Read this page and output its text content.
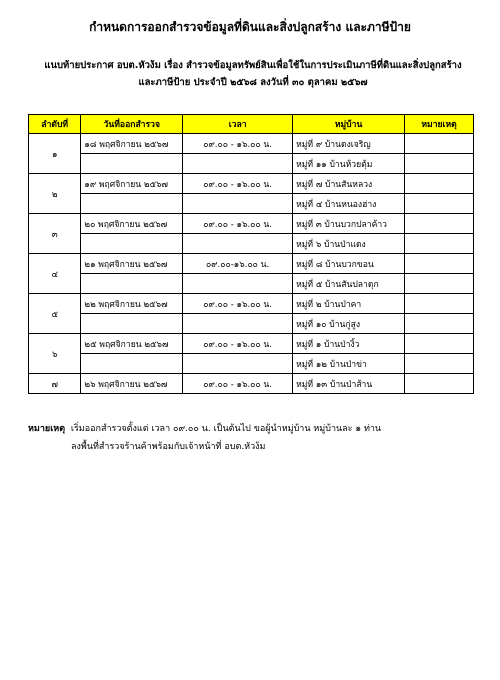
กำหนดการออกสำรวจข้อมูลที่ดินและสิ่งปลูกสร้าง และภาษีป้าย
แนบท้ายประกาศ อบต.หัวง้ม เรื่อง สำรวจข้อมูลทรัพย์สินเพื่อใช้ในการประเมินภาษีที่ดินและสิ่งปลูกสร้าง
และภาษีป้าย ประจำปี ๒๕๖๘ ลงวันที่ ๓๐ ตุลาคม ๒๕๖๗
ลำดับที่	วันที่ออกสำรวจ	เวลา	หมู่บ้าน	หมายเหตุ
๑	๑๘ พฤศจิกายน ๒๕๖๗	๐๙.๐๐ - ๑๖.๐๐ น.	หมู่ที่ ๙ บ้านดงเจริญ	
			หมู่ที่ ๑๑ บ้านห้วยตุ้ม	
๒	๑๙ พฤศจิกายน ๒๕๖๗	๐๙.๐๐ - ๑๖.๐๐ น.	หมู่ที่ ๗ บ้านสันหลวง	
			หมู่ที่ ๔ บ้านหนองฮ่าง	
๓	๒๐ พฤศจิกายน ๒๕๖๗	๐๙.๐๐ - ๑๖.๐๐ น.	หมู่ที่ ๓ บ้านบวกปลาค้าว	
			หมู่ที่ ๖ บ้านป่าแดง	
๔	๒๑ พฤศจิกายน ๒๕๖๗	๐๙.๐๐-๑๖.๐๐ น.	หมู่ที่ ๘ บ้านบวกขอน	
			หมู่ที่ ๕ บ้านสันปลาดุก	
๕	๒๒ พฤศจิกายน ๒๕๖๗	๐๙.๐๐ - ๑๖.๐๐ น.	หมู่ที่ ๒ บ้านป่าคา	
			หมู่ที่ ๑๐ บ้านกู่สูง	
๖	๒๕ พฤศจิกายน ๒๕๖๗	๐๙.๐๐ - ๑๖.๐๐ น.	หมู่ที่ ๑ บ้านป่างิ้ว	
			หมู่ที่ ๑๒ บ้านป่าข่า	
๗	๒๖ พฤศจิกายน ๒๕๖๗	๐๙.๐๐ - ๑๖.๐๐ น.	หมู่ที่ ๑๓ บ้านป่าส้าน	
หมายเหตุ เริ่มออกสำรวจตั้งแต่ เวลา ๐๙.๐๐ น. เป็นต้นไป ขอผู้นำหมู่บ้าน หมู่บ้านละ ๑ ท่าน
ลงพื้นที่สำรวจร้านค้าพร้อมกับเจ้าหน้าที่ อบต.หัวง้ม
